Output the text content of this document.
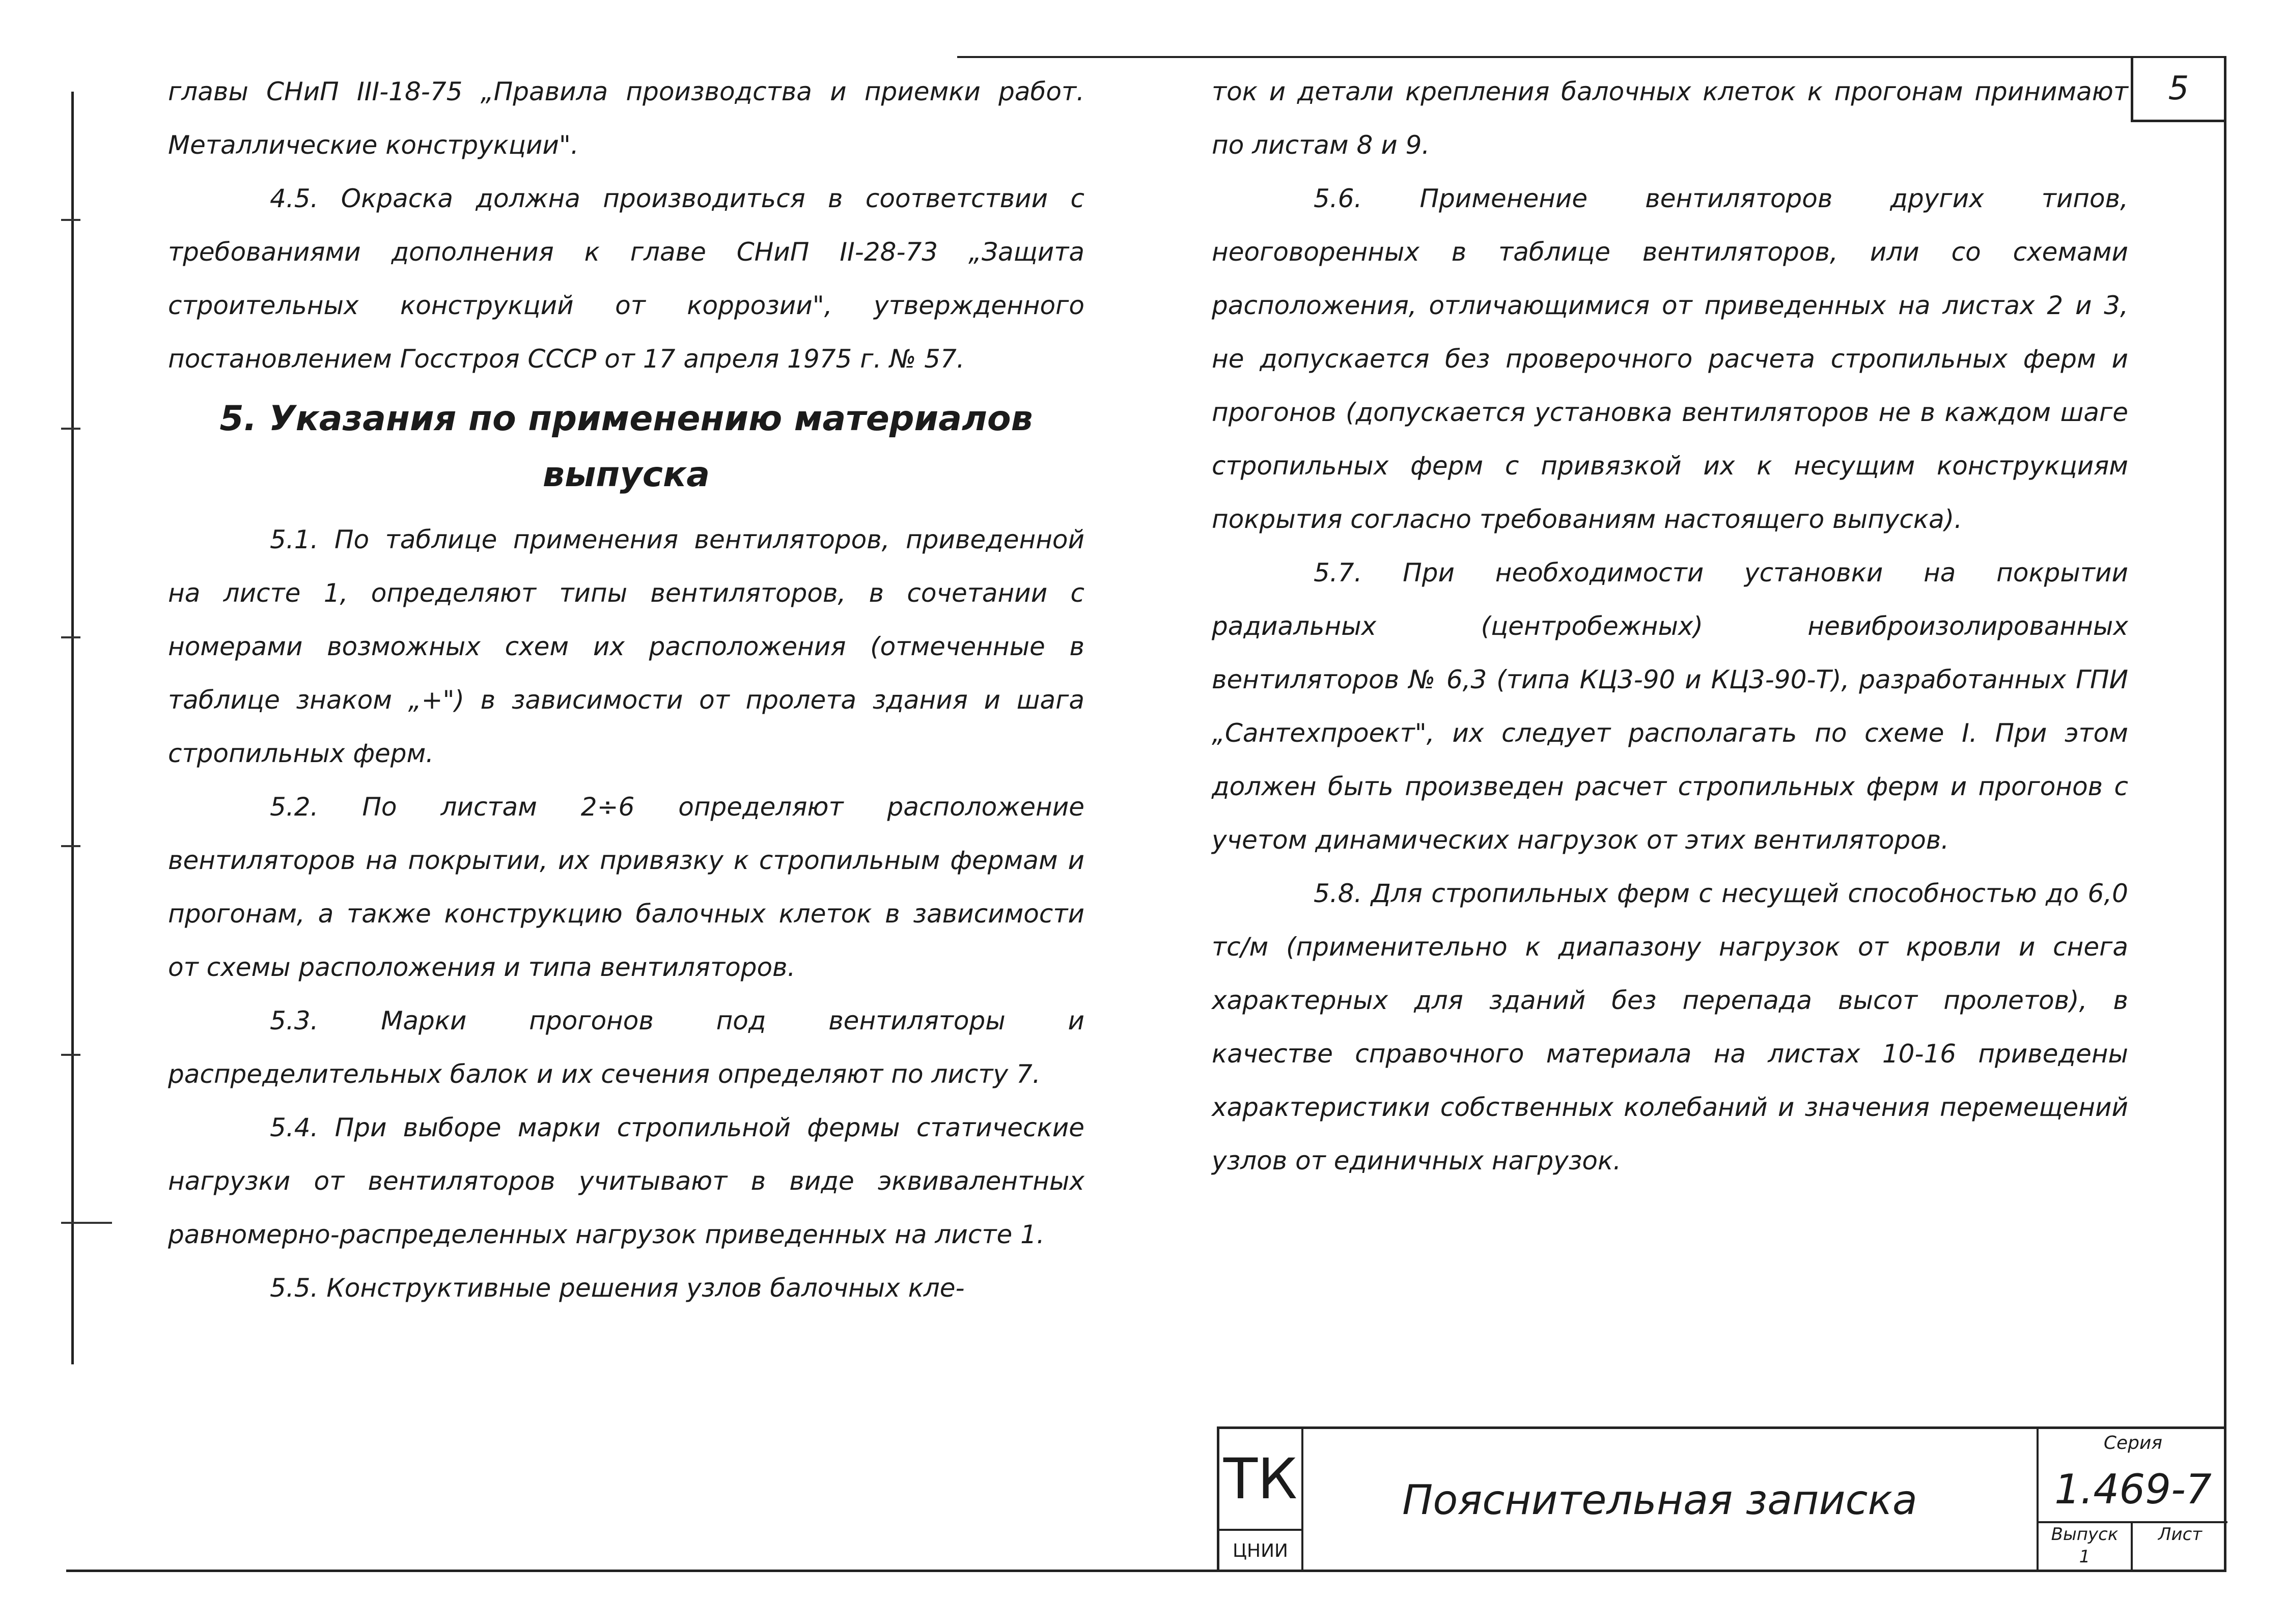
5

главы СНиП III-18-75 „Правила производства и приемки работ. Металлические конструкции".

4.5. Окраска должна производиться в соответствии с требованиями дополнения к главе СНиП II-28-73 „Защита строительных конструкций от коррозии", утвержденного постановлением Госстроя СССР от 17 апреля 1975 г. № 57.

5. Указания по применению материалов выпуска

5.1. По таблице применения вентиляторов, приведенной на листе 1, определяют типы вентиляторов, в сочетании с номерами возможных схем их расположения (отмеченные в таблице знаком „+") в зависимости от пролета здания и шага стропильных ферм.

5.2. По листам 2÷6 определяют расположение вентиляторов на покрытии, их привязку к стропильным фермам и прогонам, а также конструкцию балочных клеток в зависимости от схемы расположения и типа вентиляторов.

5.3. Марки прогонов под вентиляторы и распределительных балок и их сечения определяют по листу 7.

5.4. При выборе марки стропильной фермы статические нагрузки от вентиляторов учитывают в виде эквивалентных равномерно-распределенных нагрузок приведенных на листе 1.

5.5. Конструктивные решения узлов балочных кле-

ток и детали крепления балочных клеток к прогонам принимают по листам 8 и 9.

5.6. Применение вентиляторов других типов, неоговоренных в таблице вентиляторов, или со схемами расположения, отличающимися от приведенных на листах 2 и 3, не допускается без проверочного расчета стропильных ферм и прогонов (допускается установка вентиляторов не в каждом шаге стропильных ферм с привязкой их к несущим конструкциям покрытия согласно требованиям настоящего выпуска).

5.7. При необходимости установки на покрытии радиальных (центробежных) невиброизолированных вентиляторов № 6,3 (типа КЦ3-90 и КЦ3-90-Т), разработанных ГПИ „Сантехпроект", их следует располагать по схеме I. При этом должен быть произведен расчет стропильных ферм и прогонов с учетом динамических нагрузок от этих вентиляторов.

5.8. Для стропильных ферм с несущей способностью до 6,0 тс/м (применительно к диапазону нагрузок от кровли и снега характерных для зданий без перепада высот пролетов), в качестве справочного материала на листах 10-16 приведены характеристики собственных колебаний и значения перемещений узлов от единичных нагрузок.

ТК
ЦНИИ
Пояснительная записка
Серия
1.469-7
Выпуск
1
Лист
